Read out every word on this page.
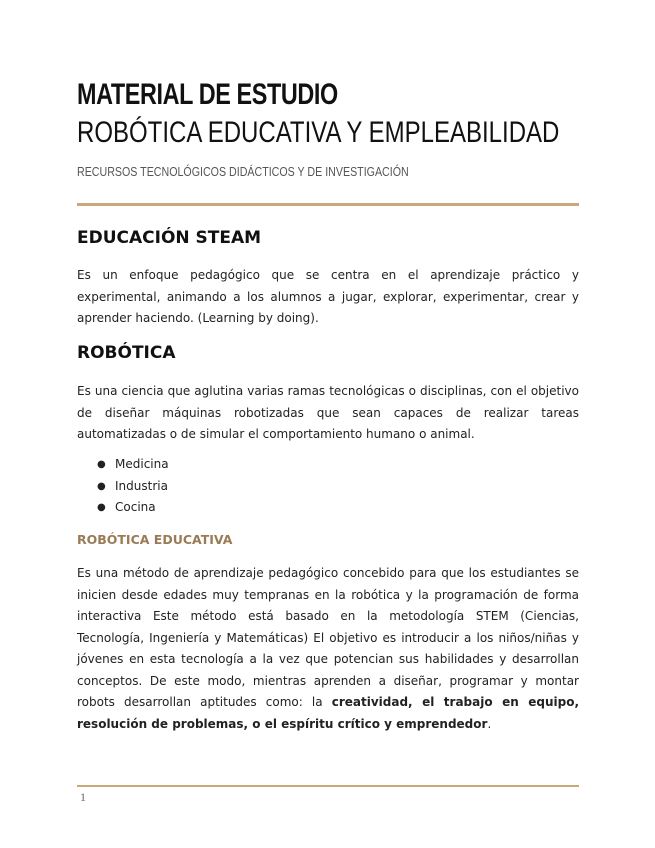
MATERIAL DE ESTUDIO
ROBÓTICA EDUCATIVA Y EMPLEABILIDAD
RECURSOS TECNOLÓGICOS DIDÁCTICOS Y DE INVESTIGACIÓN
EDUCACIÓN STEAM
Es un enfoque pedagógico que se centra en el aprendizaje práctico y experimental, animando a los alumnos a jugar, explorar, experimentar, crear y aprender haciendo. (Learning by doing).
ROBÓTICA
Es una ciencia que aglutina varias ramas tecnológicas o disciplinas, con el objetivo de diseñar máquinas robotizadas que sean capaces de realizar tareas automatizadas o de simular el comportamiento humano o animal.
● Medicina
● Industria
● Cocina
ROBÓTICA EDUCATIVA
Es una método de aprendizaje pedagógico concebido para que los estudiantes se inicien desde edades muy tempranas en la robótica y la programación de forma interactiva Este método está basado en la metodología STEM (Ciencias, Tecnología, Ingeniería y Matemáticas) El objetivo es introducir a los niños/niñas y jóvenes en esta tecnología a la vez que potencian sus habilidades y desarrollan conceptos. De este modo, mientras aprenden a diseñar, programar y montar robots desarrollan aptitudes como: la creatividad, el trabajo en equipo, resolución de problemas, o el espíritu crítico y emprendedor.
1
